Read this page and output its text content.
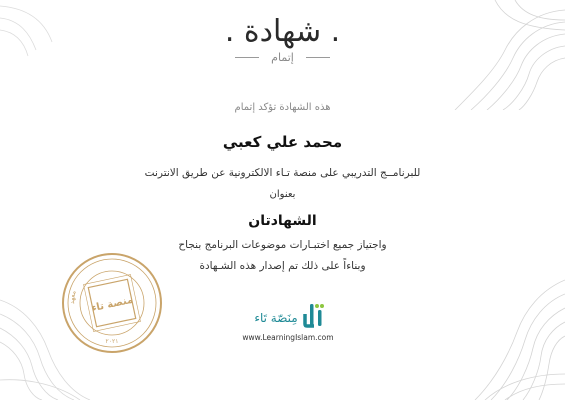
. شهادة .
إتمام
هذه الشهادة تؤكد إتمام
محمد علي كعبي
للبرنامــج التدريبي على منصة تـاء الالكترونية عن طريق الانترنت
بعنوان
الشهادتان
واجتياز جميع اختبـارات موضوعات البرنامج بنجاح
وبناءاً على ذلك تم إصدار هذه الشـهادة
مِنَصّة تَاء
www.LearningIslam.com
معهد
منصة تاء
٢٠٢١
